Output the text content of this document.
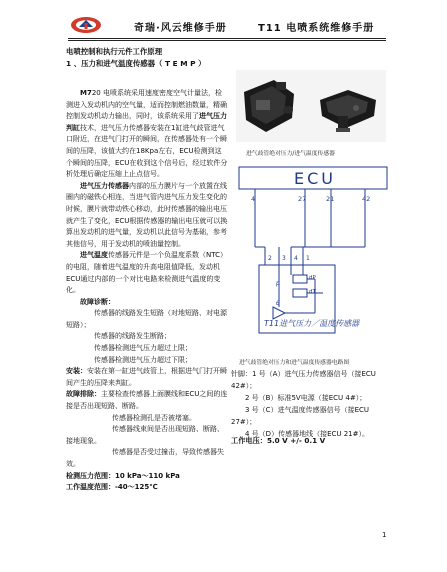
奇瑞·风云维修手册	T11 电喷系统维修手册
电喷控制和执行元件工作原理
1 、压力和进气温度传感器（ T E M P ）

M720 电喷系统采用速度密度空气计量法，检测进入发动机内的空气量，适而控制燃油数量，精确控制发动机动力输出，同时，该系统采用了进气压力判缸技术，进气压力传感器安装在1缸进气歧管进气口附近，在进气门打开的瞬间，在传感器处有一个瞬间的压降，该值大约在18Kpa左右，ECU检测到这个瞬间的压降，ECU在收到这个信号后，经过软件分析处理后确定压缩上止点信号。

进气压力传感器内部的压力膜片与一个放置在线圈内的磁铁心相连，当进气管内进气压力发生变化的时候，膜片就带动铁心移动，此时传感器的输出电压就产生了变化，ECU根据传感器的输出电压就可以换算出发动机的进气量，发动机以此信号为基础，参考其他信号，用于发动机的喷油量控制。

进气温度传感器元件是一个负温度系数（NTC）的电阻，随着进气温度的升高电阻值降低，发动机ECU通过内部的一个对比电路来检测进气温度的变化。

故障诊断：

传感器的线路发生短路（对地短路、对电源短路）；

传感器的线路发生断路；

传感器检测进气压力超过上限；

传感器检测进气压力超过下限；

安装：安装在第一缸进气歧管上，根据进气门打开瞬间产生的压降来判缸。

故障排除：主要检查传感器上面膜线和ECU之间的连接是否出现短路、断路。

传感器检测孔是否被堵塞。

传感器线束间是否出现短路、断路、接地现象。

传感器是否受过撞击，导致传感器失效。

检测压力范围：10 kPa～110 kPa

工作温度范围：-40～125℃

进气歧管绝对压力/进气温度传感器
ECU
4	27	21	42
2 3 4 1
dP
dT
p
θ
T11进气压力／温度传感器
进气歧管绝对压力和进气温度传感器电路图

针脚：1 号（A）进气压力传感器信号（接ECU 42#）；

2 号（B）标准5V电源（接ECU 4#）；

3 号（C）进气温度传感器信号（接ECU 27#）；

4 号（D）传感器地线（接ECU 21#）。

工作电压：5.0 V +/- 0.1 V
1
